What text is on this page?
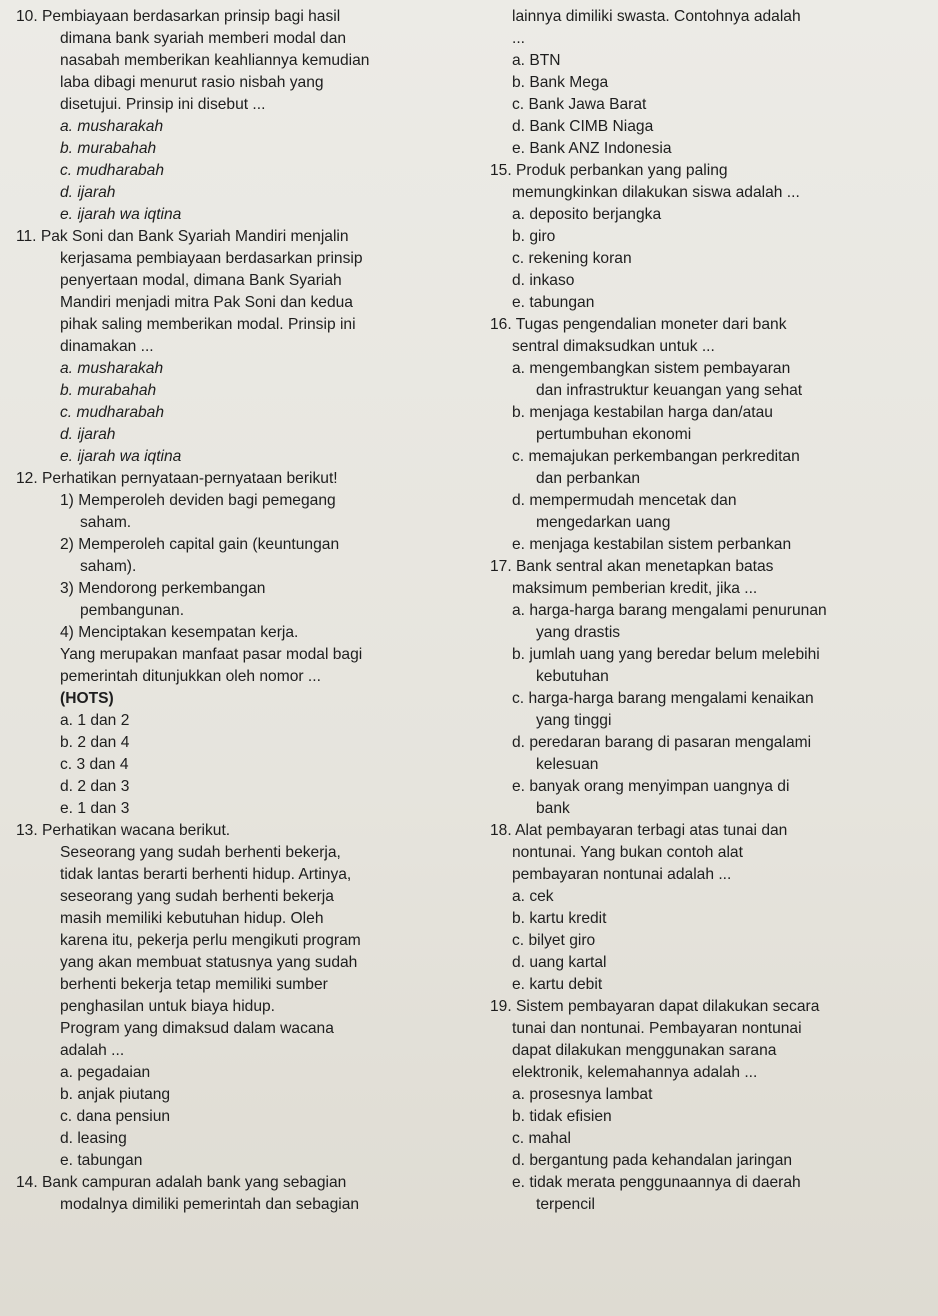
10. Pembiayaan berdasarkan prinsip bagi hasil
dimana bank syariah memberi modal dan
nasabah memberikan keahliannya kemudian
laba dibagi menurut rasio nisbah yang
disetujui. Prinsip ini disebut ...
a. musharakah
b. murabahah
c. mudharabah
d. ijarah
e. ijarah wa iqtina
11. Pak Soni dan Bank Syariah Mandiri menjalin
kerjasama pembiayaan berdasarkan prinsip
penyertaan modal, dimana Bank Syariah
Mandiri menjadi mitra Pak Soni dan kedua
pihak saling memberikan modal. Prinsip ini
dinamakan ...
a. musharakah
b. murabahah
c. mudharabah
d. ijarah
e. ijarah wa iqtina
12. Perhatikan pernyataan-pernyataan berikut!
1) Memperoleh deviden bagi pemegang
saham.
2) Memperoleh capital gain (keuntungan
saham).
3) Mendorong perkembangan
pembangunan.
4) Menciptakan kesempatan kerja.
Yang merupakan manfaat pasar modal bagi
pemerintah ditunjukkan oleh nomor ...
(HOTS)
a. 1 dan 2
b. 2 dan 4
c. 3 dan 4
d. 2 dan 3
e. 1 dan 3
13. Perhatikan wacana berikut.
Seseorang yang sudah berhenti bekerja,
tidak lantas berarti berhenti hidup. Artinya,
seseorang yang sudah berhenti bekerja
masih memiliki kebutuhan hidup. Oleh
karena itu, pekerja perlu mengikuti program
yang akan membuat statusnya yang sudah
berhenti bekerja tetap memiliki sumber
penghasilan untuk biaya hidup.
Program yang dimaksud dalam wacana
adalah ...
a. pegadaian
b. anjak piutang
c. dana pensiun
d. leasing
e. tabungan
14. Bank campuran adalah bank yang sebagian
modalnya dimiliki pemerintah dan sebagian
lainnya dimiliki swasta. Contohnya adalah
...
a. BTN
b. Bank Mega
c. Bank Jawa Barat
d. Bank CIMB Niaga
e. Bank ANZ Indonesia
15. Produk perbankan yang paling
memungkinkan dilakukan siswa adalah ...
a. deposito berjangka
b. giro
c. rekening koran
d. inkaso
e. tabungan
16. Tugas pengendalian moneter dari bank
sentral dimaksudkan untuk ...
a. mengembangkan sistem pembayaran
dan infrastruktur keuangan yang sehat
b. menjaga kestabilan harga dan/atau
pertumbuhan ekonomi
c. memajukan perkembangan perkreditan
dan perbankan
d. mempermudah mencetak dan
mengedarkan uang
e. menjaga kestabilan sistem perbankan
17. Bank sentral akan menetapkan batas
maksimum pemberian kredit, jika ...
a. harga-harga barang mengalami penurunan
yang drastis
b. jumlah uang yang beredar belum melebihi
kebutuhan
c. harga-harga barang mengalami kenaikan
yang tinggi
d. peredaran barang di pasaran mengalami
kelesuan
e. banyak orang menyimpan uangnya di
bank
18. Alat pembayaran terbagi atas tunai dan
nontunai. Yang bukan contoh alat
pembayaran nontunai adalah ...
a. cek
b. kartu kredit
c. bilyet giro
d. uang kartal
e. kartu debit
19. Sistem pembayaran dapat dilakukan secara
tunai dan nontunai. Pembayaran nontunai
dapat dilakukan menggunakan sarana
elektronik, kelemahannya adalah ...
a. prosesnya lambat
b. tidak efisien
c. mahal
d. bergantung pada kehandalan jaringan
e. tidak merata penggunaannya di daerah
terpencil
